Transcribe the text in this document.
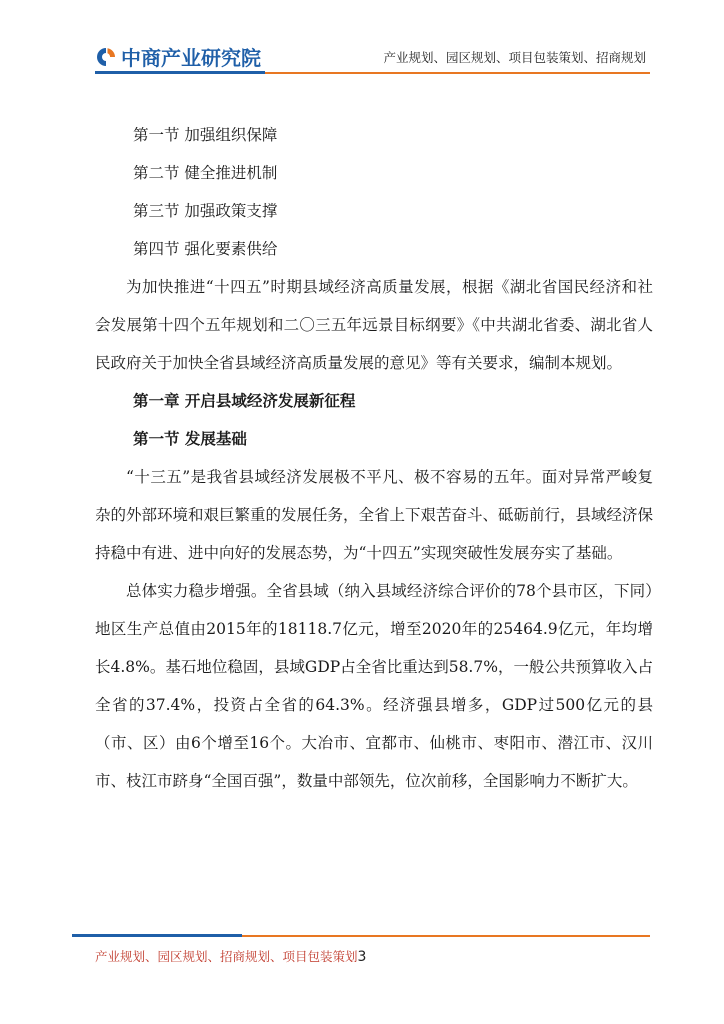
中商产业研究院	产业规划、园区规划、项目包装策划、招商规划
第一节 加强组织保障
第二节 健全推进机制
第三节 加强政策支撑
第四节 强化要素供给

为加快推进“十四五”时期县域经济高质量发展，根据《湖北省国民经济和社会发展第十四个五年规划和二〇三五年远景目标纲要》《中共湖北省委、湖北省人民政府关于加快全省县域经济高质量发展的意见》等有关要求，编制本规划。

第一章 开启县域经济发展新征程
第一节 发展基础

“十三五”是我省县域经济发展极不平凡、极不容易的五年。面对异常严峻复杂的外部环境和艰巨繁重的发展任务，全省上下艰苦奋斗、砥砺前行，县域经济保持稳中有进、进中向好的发展态势，为“十四五”实现突破性发展夯实了基础。

总体实力稳步增强。全省县域（纳入县域经济综合评价的78个县市区，下同）地区生产总值由2015年的18118.7亿元，增至2020年的25464.9亿元，年均增长4.8%。基石地位稳固，县域GDP占全省比重达到58.7%，一般公共预算收入占全省的37.4%，投资占全省的64.3%。经济强县增多，GDP过500亿元的县（市、区）由6个增至16个。大冶市、宜都市、仙桃市、枣阳市、潜江市、汉川市、枝江市跻身“全国百强”，数量中部领先，位次前移，全国影响力不断扩大。

产业规划、园区规划、招商规划、项目包装策划3
